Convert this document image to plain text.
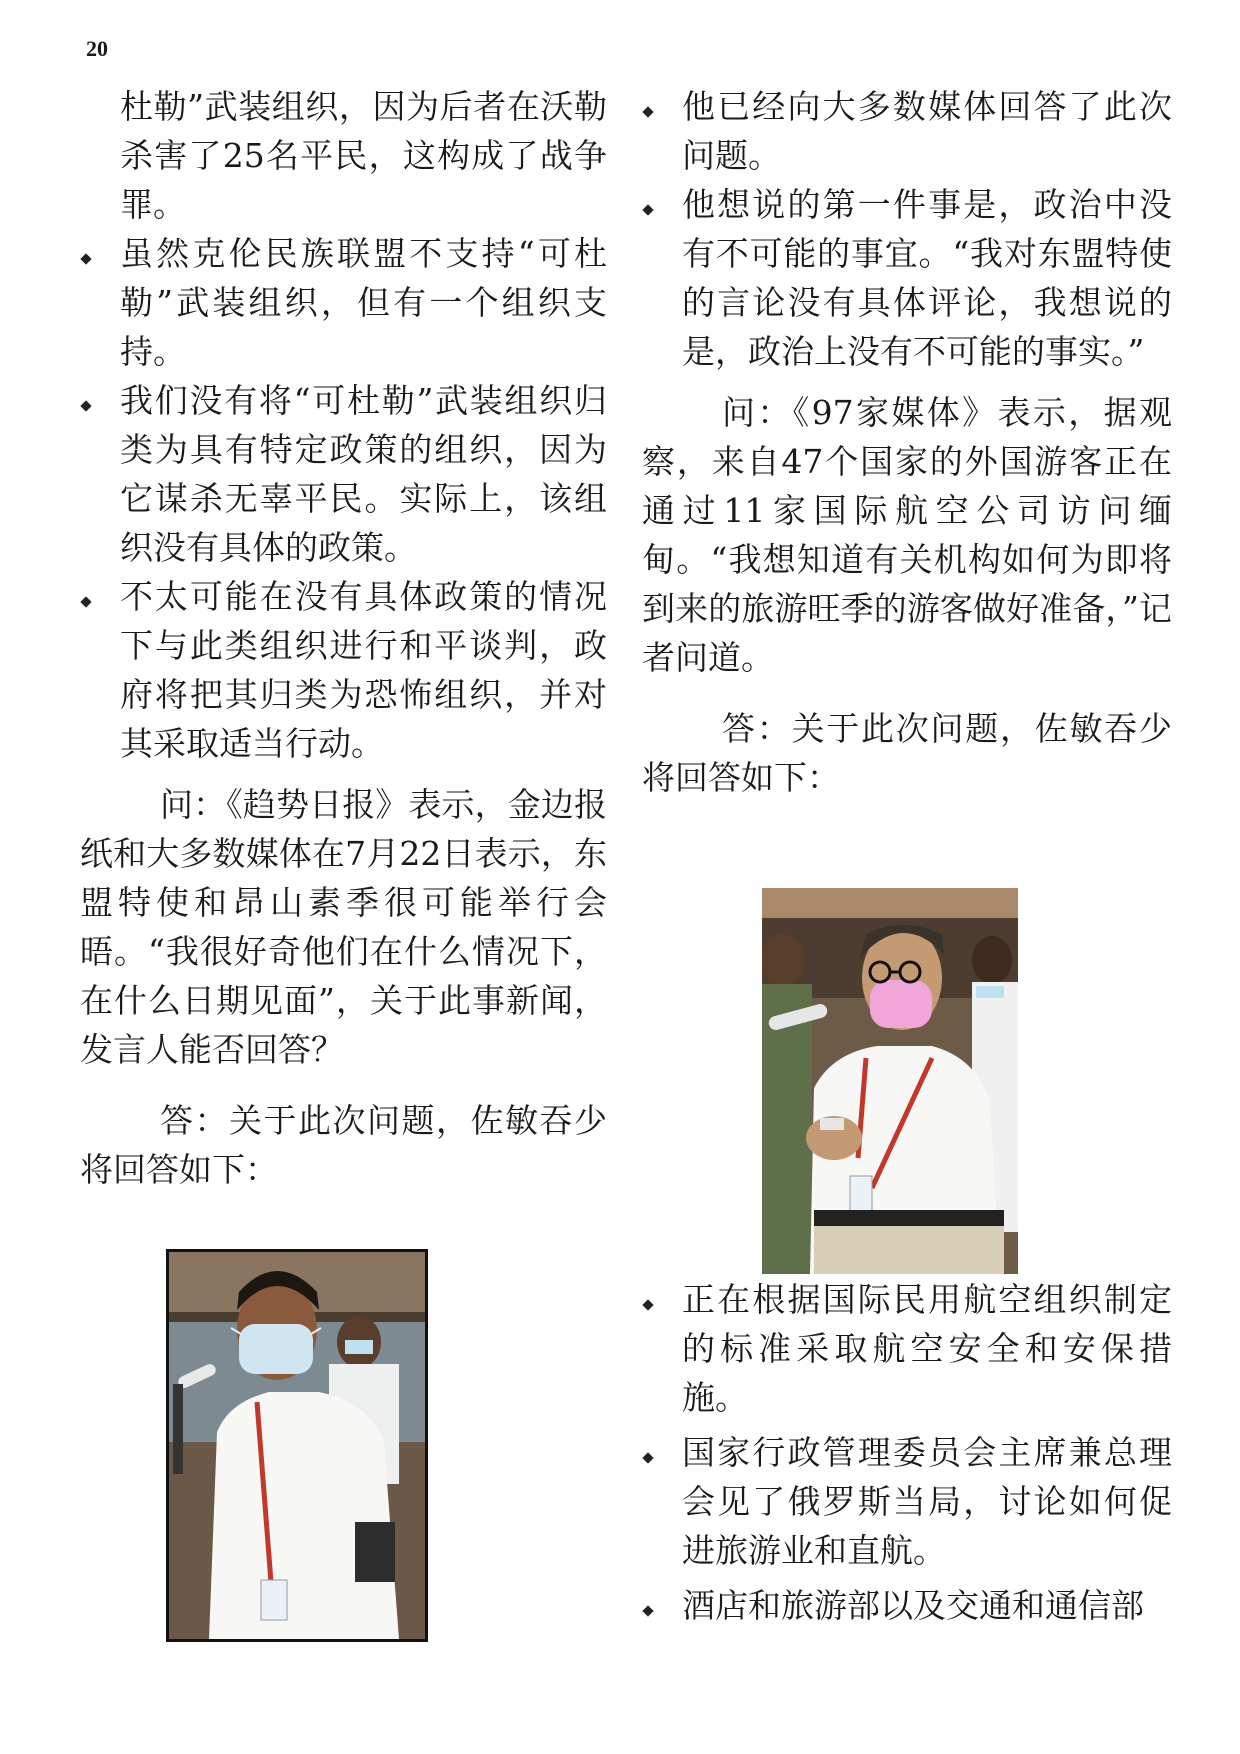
20

杜勒”武装组织，因为后者在沃勒杀害了25名平民，这构成了战争罪。

虽然克伦民族联盟不支持“可杜勒”武装组织，但有一个组织支持。

我们没有将“可杜勒”武装组织归类为具有特定政策的组织，因为它谋杀无辜平民。实际上，该组织没有具体的政策。

不太可能在没有具体政策的情况下与此类组织进行和平谈判，政府将把其归类为恐怖组织，并对其采取适当行动。

问：《趋势日报》表示，金边报纸和大多数媒体在7月22日表示，东盟特使和昂山素季很可能举行会晤。“我很好奇他们在什么情况下，在什么日期见面”，关于此事新闻，发言人能否回答？

答：关于此次问题，佐敏吞少将回答如下：

他已经向大多数媒体回答了此次问题。

他想说的第一件事是，政治中没有不可能的事宜。“我对东盟特使的言论没有具体评论，我想说的是，政治上没有不可能的事实。”

问：《97家媒体》表示，据观察，来自47个国家的外国游客正在通过11家国际航空公司访问缅甸。“我想知道有关机构如何为即将到来的旅游旺季的游客做好准备，”记者问道。

答：关于此次问题，佐敏吞少将回答如下：

正在根据国际民用航空组织制定的标准采取航空安全和安保措施。

国家行政管理委员会主席兼总理会见了俄罗斯当局，讨论如何促进旅游业和直航。

酒店和旅游部以及交通和通信部
